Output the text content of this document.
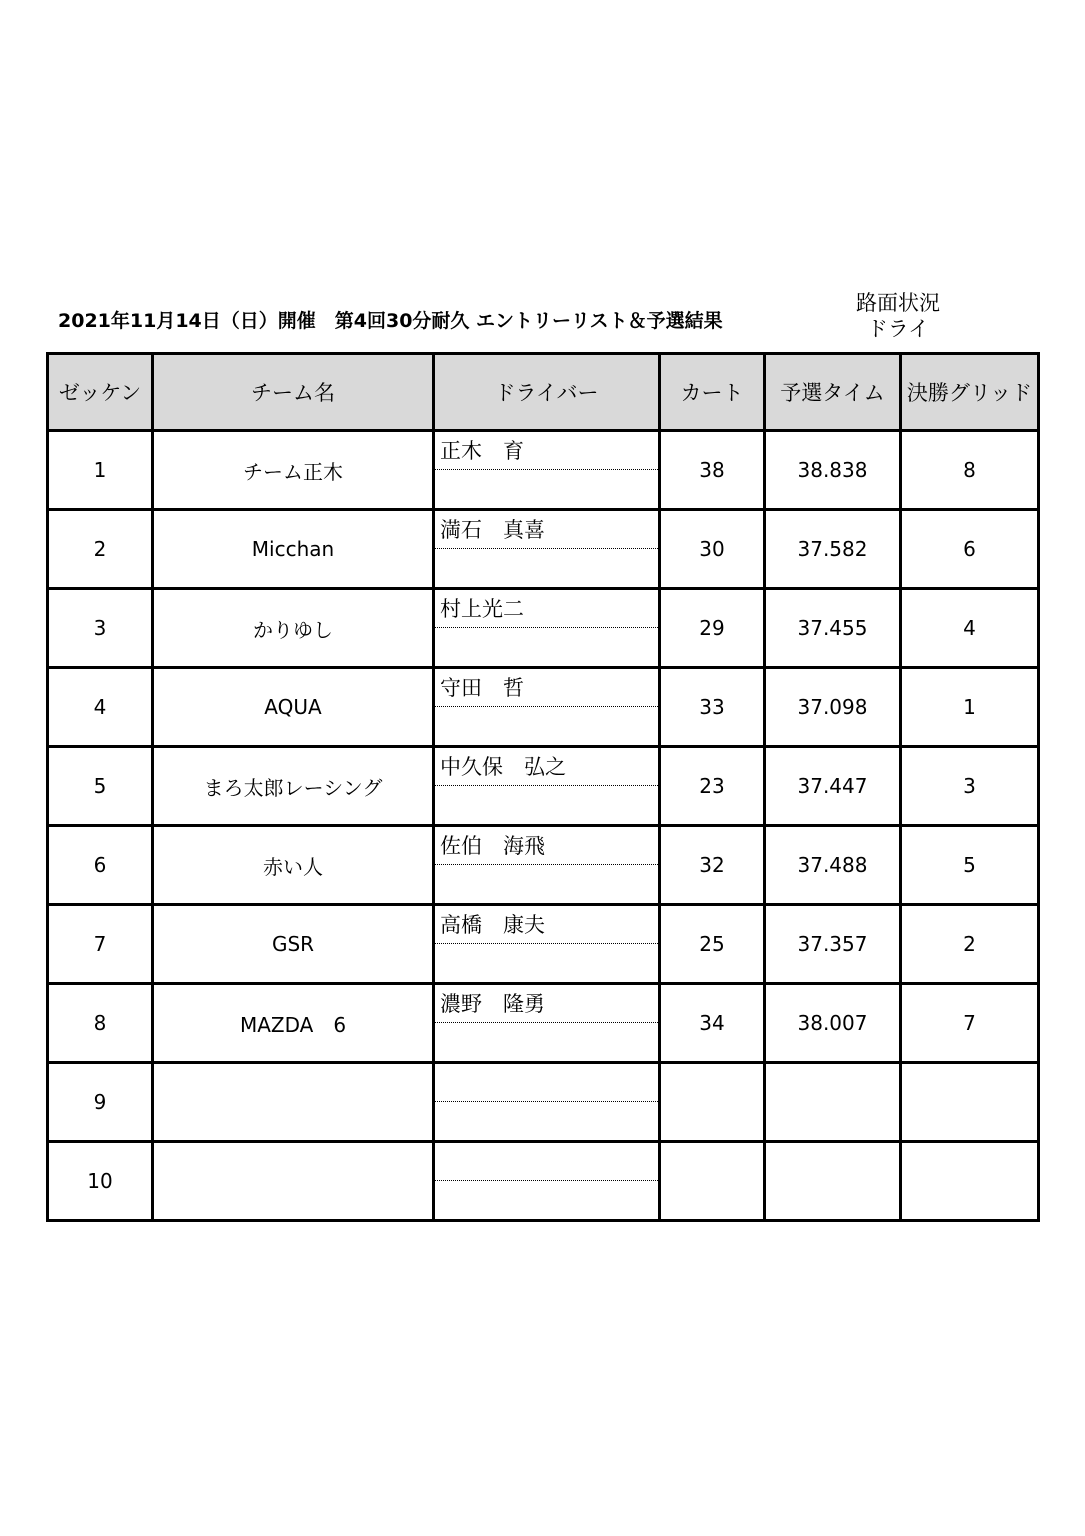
2021年11月14日（日）開催　第4回30分耐久 エントリーリスト＆予選結果
路面状況
ドライ
ゼッケン	チーム名	ドライバー	カート	予選タイム	決勝グリッド
1	チーム正木	正木　育	38	38.838	8
2	Micchan	満石　真喜	30	37.582	6
3	かりゆし	村上光二	29	37.455	4
4	AQUA	守田　哲	33	37.098	1
5	まろ太郎レーシング	中久保　弘之	23	37.447	3
6	赤い人	佐伯　海飛	32	37.488	5
7	GSR	高橋　康夫	25	37.357	2
8	MAZDA　6	濃野　隆勇	34	38.007	7
9		

10		
